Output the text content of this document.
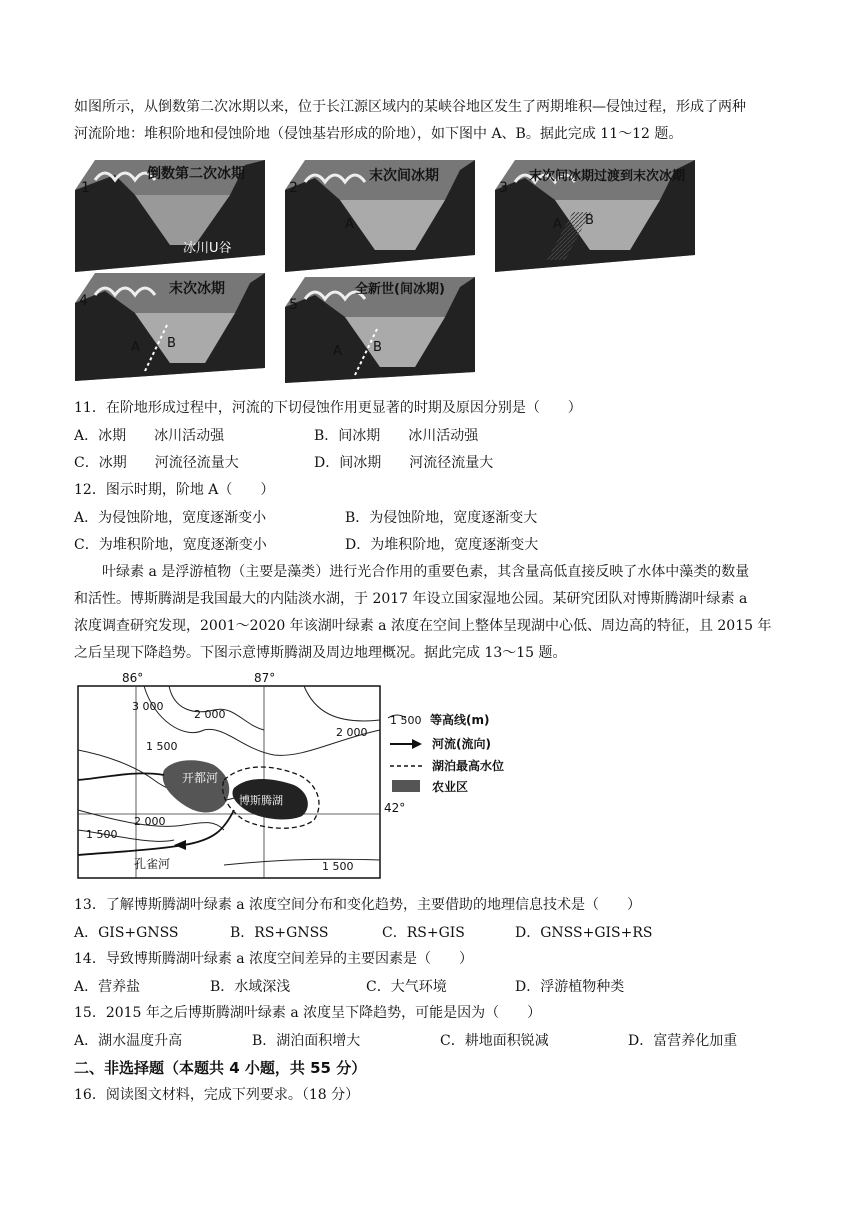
如图所示，从倒数第二次冰期以来，位于长江源区域内的某峡谷地区发生了两期堆积—侵蚀过程，形成了两种
河流阶地：堆积阶地和侵蚀阶地（侵蚀基岩形成的阶地），如下图中 A、B。据此完成 11～12 题。
1
倒数第二次冰期
冰川U谷
2
末次间冰期
A
3
末次间冰期过渡到末次冰期
A B
4
末次冰期
A B
5
全新世(间冰期)
A B
11．在阶地形成过程中，河流的下切侵蚀作用更显著的时期及原因分别是（　　）
A．冰期　　冰川活动强	B．间冰期　　冰川活动强
C．冰期　　河流径流量大	D．间冰期　　河流径流量大
12．图示时期，阶地 A（　　）
A．为侵蚀阶地，宽度逐渐变小	B．为侵蚀阶地，宽度逐渐变大
C．为堆积阶地，宽度逐渐变小	D．为堆积阶地，宽度逐渐变大
叶绿素 a 是浮游植物（主要是藻类）进行光合作用的重要色素，其含量高低直接反映了水体中藻类的数量
和活性。博斯腾湖是我国最大的内陆淡水湖，于 2017 年设立国家湿地公园。某研究团队对博斯腾湖叶绿素 a
浓度调查研究发现，2001～2020 年该湖叶绿素 a 浓度在空间上整体呈现湖中心低、周边高的特征，且 2015 年
之后呈现下降趋势。下图示意博斯腾湖及周边地理概况。据此完成 13～15 题。
86°	87°
42°
3 000
2 000
1 500
2 000
2 000
1 500
1 500
开都河
博斯腾湖
孔雀河
1 500 等高线(m)
河流(流向)
湖泊最高水位
农业区
13．了解博斯腾湖叶绿素 a 浓度空间分布和变化趋势，主要借助的地理信息技术是（　　）
A．GIS+GNSS	B．RS+GNSS	C．RS+GIS	D．GNSS+GIS+RS
14．导致博斯腾湖叶绿素 a 浓度空间差异的主要因素是（　　）
A．营养盐	B．水域深浅	C．大气环境	D．浮游植物种类
15．2015 年之后博斯腾湖叶绿素 a 浓度呈下降趋势，可能是因为（　　）
A．湖水温度升高	B．湖泊面积增大	C．耕地面积锐减	D．富营养化加重
二、非选择题（本题共 4 小题，共 55 分）
16．阅读图文材料，完成下列要求。（18 分）
